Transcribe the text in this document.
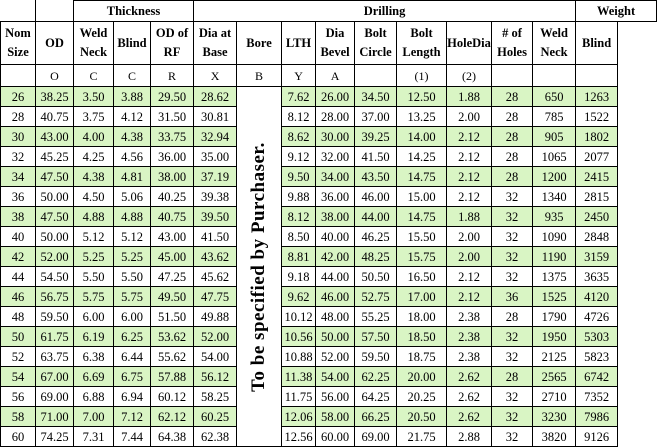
		Thickness			Drilling									Weight
Nom Size	OD	Weld Neck	Blind	OD of RF	Dia at Base	Bore	LTH	Dia Bevel	Bolt Circle	Bolt Length	HoleDia	# of Holes	Weld Neck	Blind
	O	C	C	R	X	B	Y	A		(1)	(2)			
26	38.25	3.50	3.88	29.50	28.62	To be specified by Purchaser.	7.62	26.00	34.50	12.50	1.88	28	650	1263
28	40.75	3.75	4.12	31.50	30.81		8.12	28.00	37.00	13.25	2.00	28	785	1522
30	43.00	4.00	4.38	33.75	32.94		8.62	30.00	39.25	14.00	2.12	28	905	1802
32	45.25	4.25	4.56	36.00	35.00		9.12	32.00	41.50	14.25	2.12	28	1065	2077
34	47.50	4.38	4.81	38.00	37.19		9.50	34.00	43.50	14.75	2.12	28	1200	2415
36	50.00	4.50	5.06	40.25	39.38		9.88	36.00	46.00	15.00	2.12	32	1340	2815
38	47.50	4.88	4.88	40.75	39.50		8.12	38.00	44.00	14.75	1.88	32	935	2450
40	50.00	5.12	5.12	43.00	41.50		8.50	40.00	46.25	15.50	2.00	32	1090	2848
42	52.00	5.25	5.25	45.00	43.62		8.81	42.00	48.25	15.75	2.00	32	1190	3159
44	54.50	5.50	5.50	47.25	45.62		9.18	44.00	50.50	16.50	2.12	32	1375	3635
46	56.75	5.75	5.75	49.50	47.75		9.62	46.00	52.75	17.00	2.12	36	1525	4120
48	59.50	6.00	6.00	51.50	49.88		10.12	48.00	55.25	18.00	2.38	28	1790	4726
50	61.75	6.19	6.25	53.62	52.00		10.56	50.00	57.50	18.50	2.38	32	1950	5303
52	63.75	6.38	6.44	55.62	54.00		10.88	52.00	59.50	18.75	2.38	32	2125	5823
54	67.00	6.69	6.75	57.88	56.12		11.38	54.00	62.25	20.00	2.62	28	2565	6742
56	69.00	6.88	6.94	60.12	58.25		11.75	56.00	64.25	20.25	2.62	32	2710	7352
58	71.00	7.00	7.12	62.12	60.25		12.06	58.00	66.25	20.50	2.62	32	3230	7986
60	74.25	7.31	7.44	64.38	62.38		12.56	60.00	69.00	21.75	2.88	32	3820	9126
